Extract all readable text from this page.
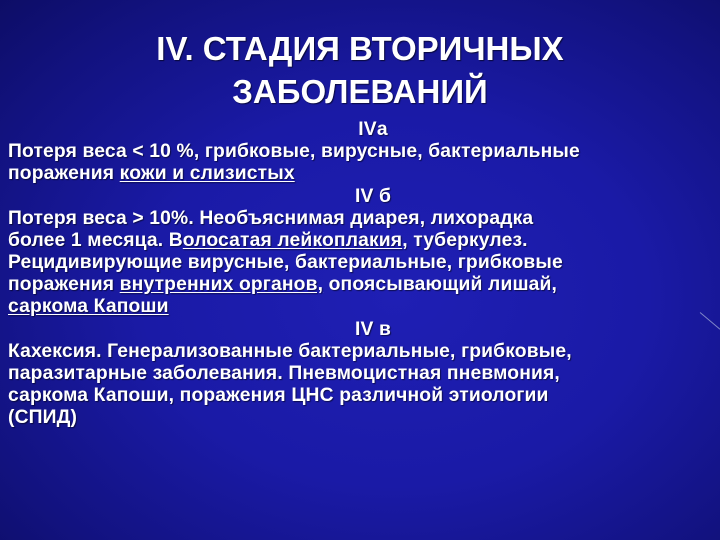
IV. СТАДИЯ ВТОРИЧНЫХ
ЗАБОЛЕВАНИЙ

IVа

Потеря веса < 10 %, грибковые, вирусные, бактериальные

поражения кожи и слизистых

IV б

Потеря веса > 10%. Необъяснимая диарея, лихорадка

более 1 месяца. Волосатая лейкоплакия, туберкулез.

Рецидивирующие вирусные, бактериальные, грибковые

поражения внутренних органов, опоясывающий лишай,

саркома Капоши

IV в

Кахексия. Генерализованные бактериальные, грибковые,

паразитарные заболевания. Пневмоцистная пневмония,

саркома Капоши, поражения ЦНС различной этиологии

(СПИД)
